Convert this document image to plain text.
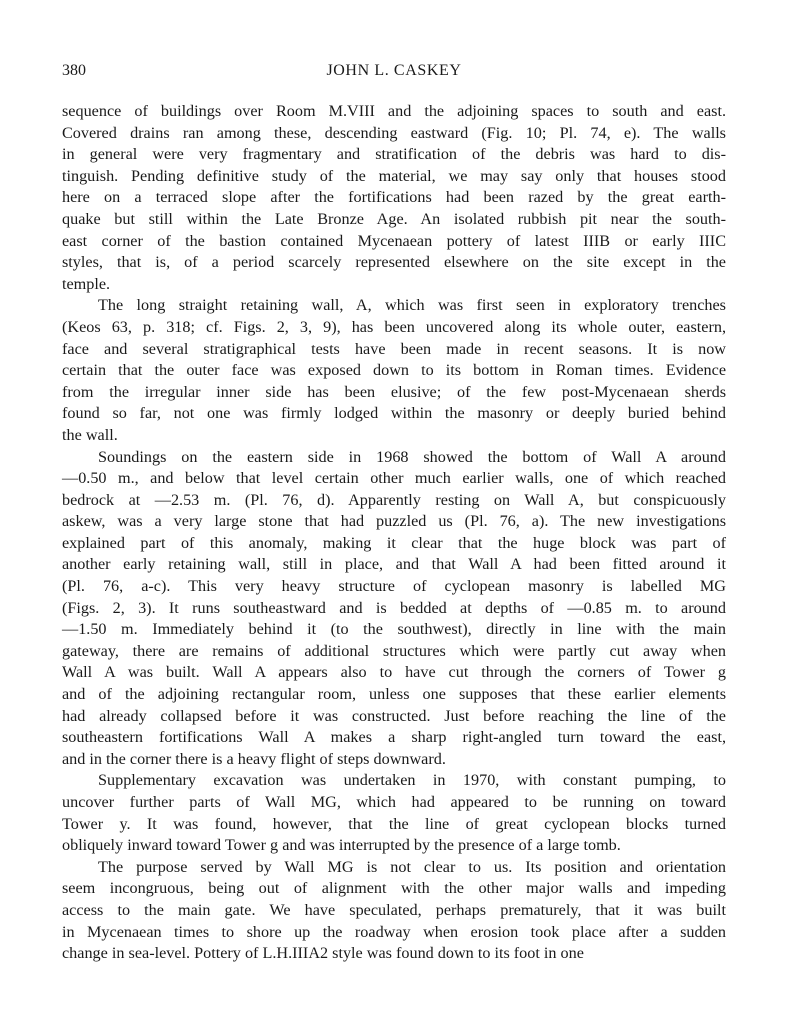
380	JOHN L. CASKEY

sequence of buildings over Room M.VIII and the adjoining spaces to south and east.
Covered drains ran among these, descending eastward (Fig. 10; Pl. 74, e). The walls
in general were very fragmentary and stratification of the debris was hard to dis-
tinguish. Pending definitive study of the material, we may say only that houses stood
here on a terraced slope after the fortifications had been razed by the great earth-
quake but still within the Late Bronze Age. An isolated rubbish pit near the south-
east corner of the bastion contained Mycenaean pottery of latest IIIB or early IIIC
styles, that is, of a period scarcely represented elsewhere on the site except in the
temple.

The long straight retaining wall, A, which was first seen in exploratory trenches
(Keos 63, p. 318; cf. Figs. 2, 3, 9), has been uncovered along its whole outer, eastern,
face and several stratigraphical tests have been made in recent seasons. It is now
certain that the outer face was exposed down to its bottom in Roman times. Evidence
from the irregular inner side has been elusive; of the few post-Mycenaean sherds
found so far, not one was firmly lodged within the masonry or deeply buried behind
the wall.

Soundings on the eastern side in 1968 showed the bottom of Wall A around
—0.50 m., and below that level certain other much earlier walls, one of which reached
bedrock at —2.53 m. (Pl. 76, d). Apparently resting on Wall A, but conspicuously
askew, was a very large stone that had puzzled us (Pl. 76, a). The new investigations
explained part of this anomaly, making it clear that the huge block was part of
another early retaining wall, still in place, and that Wall A had been fitted around it
(Pl. 76, a-c). This very heavy structure of cyclopean masonry is labelled MG
(Figs. 2, 3). It runs southeastward and is bedded at depths of —0.85 m. to around
—1.50 m. Immediately behind it (to the southwest), directly in line with the main
gateway, there are remains of additional structures which were partly cut away when
Wall A was built. Wall A appears also to have cut through the corners of Tower g
and of the adjoining rectangular room, unless one supposes that these earlier elements
had already collapsed before it was constructed. Just before reaching the line of the
southeastern fortifications Wall A makes a sharp right-angled turn toward the east,
and in the corner there is a heavy flight of steps downward.

Supplementary excavation was undertaken in 1970, with constant pumping, to
uncover further parts of Wall MG, which had appeared to be running on toward
Tower y. It was found, however, that the line of great cyclopean blocks turned
obliquely inward toward Tower g and was interrupted by the presence of a large tomb.

The purpose served by Wall MG is not clear to us. Its position and orientation
seem incongruous, being out of alignment with the other major walls and impeding
access to the main gate. We have speculated, perhaps prematurely, that it was built
in Mycenaean times to shore up the roadway when erosion took place after a sudden
change in sea-level. Pottery of L.H.IIIA2 style was found down to its foot in one
